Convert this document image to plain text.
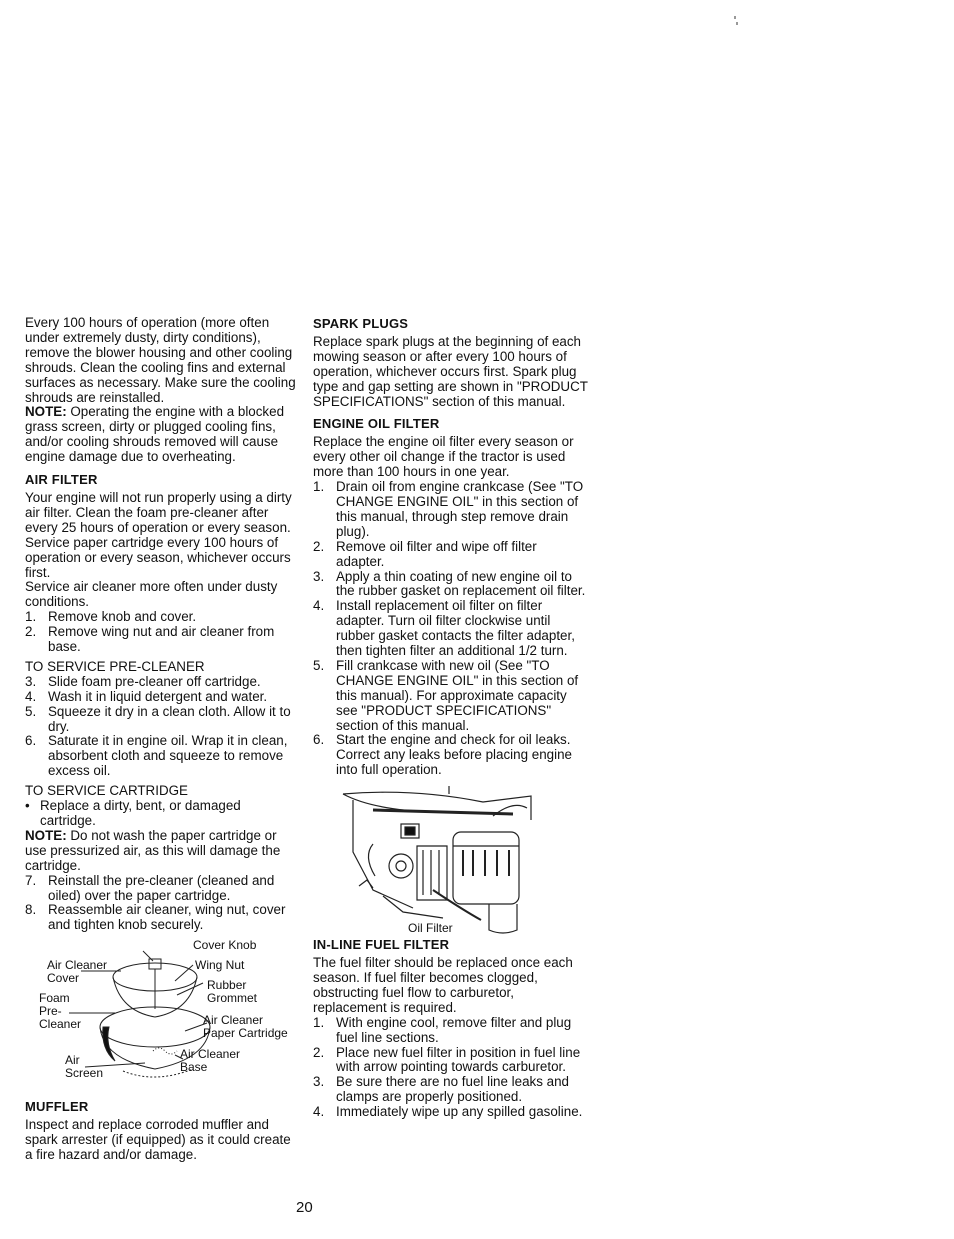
Every 100 hours of operation (more often under extremely dusty, dirty conditions), remove the blower housing and other cooling shrouds. Clean the cooling fins and external surfaces as necessary. Make sure the cooling shrouds are reinstalled.

NOTE: Operating the engine with a blocked grass screen, dirty or plugged cooling fins, and/or cooling shrouds removed will cause engine damage due to overheating.

AIR FILTER

Your engine will not run properly using a dirty air filter. Clean the foam pre-cleaner after every 25 hours of operation or every season. Service paper cartridge every 100 hours of operation or every season, whichever occurs first.

Service air cleaner more often under dusty conditions.

1. Remove knob and cover.
2. Remove wing nut and air cleaner from base.

TO SERVICE PRE-CLEANER

3. Slide foam pre-cleaner off cartridge.
4. Wash it in liquid detergent and water.
5. Squeeze it dry in a clean cloth. Allow it to dry.
6. Saturate it in engine oil. Wrap it in clean, absorbent cloth and squeeze to remove excess oil.

TO SERVICE CARTRIDGE

• Replace a dirty, bent, or damaged cartridge.

NOTE: Do not wash the paper cartridge or use pressurized air, as this will damage the cartridge.

7. Reinstall the pre-cleaner (cleaned and oiled) over the paper cartridge.
8. Reassemble air cleaner, wing nut, cover and tighten knob securely.
Cover Knob
Air Cleaner
Cover
Wing Nut
Rubber
Grommet
Foam
Pre-
Cleaner	Air Cleaner
Paper Cartridge
Air
Screen
Air Cleaner
Base
MUFFLER

Inspect and replace corroded muffler and spark arrester (if equipped) as it could create a fire hazard and/or damage.

SPARK PLUGS

Replace spark plugs at the beginning of each mowing season or after every 100 hours of operation, whichever occurs first. Spark plug type and gap setting are shown in "PRODUCT SPECIFICATIONS" section of this manual.

ENGINE OIL FILTER

Replace the engine oil filter every season or every other oil change if the tractor is used more than 100 hours in one year.

1. Drain oil from engine crankcase (See "TO CHANGE ENGINE OIL" in this section of this manual, through step remove drain plug).
2. Remove oil filter and wipe off filter adapter.
3. Apply a thin coating of new engine oil to the rubber gasket on replacement oil filter.
4. Install replacement oil filter on filter adapter. Turn oil filter clockwise until rubber gasket contacts the filter adapter, then tighten filter an additional 1/2 turn.
5. Fill crankcase with new oil (See "TO CHANGE ENGINE OIL" in this section of this manual). For approximate capacity see "PRODUCT SPECIFICATIONS" section of this manual.
6. Start the engine and check for oil leaks. Correct any leaks before placing engine into full operation.
Oil Filter
IN-LINE FUEL FILTER

The fuel filter should be replaced once each season. If fuel filter becomes clogged, obstructing fuel flow to carburetor, replacement is required.

1. With engine cool, remove filter and plug fuel line sections.
2. Place new fuel filter in position in fuel line with arrow pointing towards carburetor.
3. Be sure there are no fuel line leaks and clamps are properly positioned.
4. Immediately wipe up any spilled gasoline.
20
